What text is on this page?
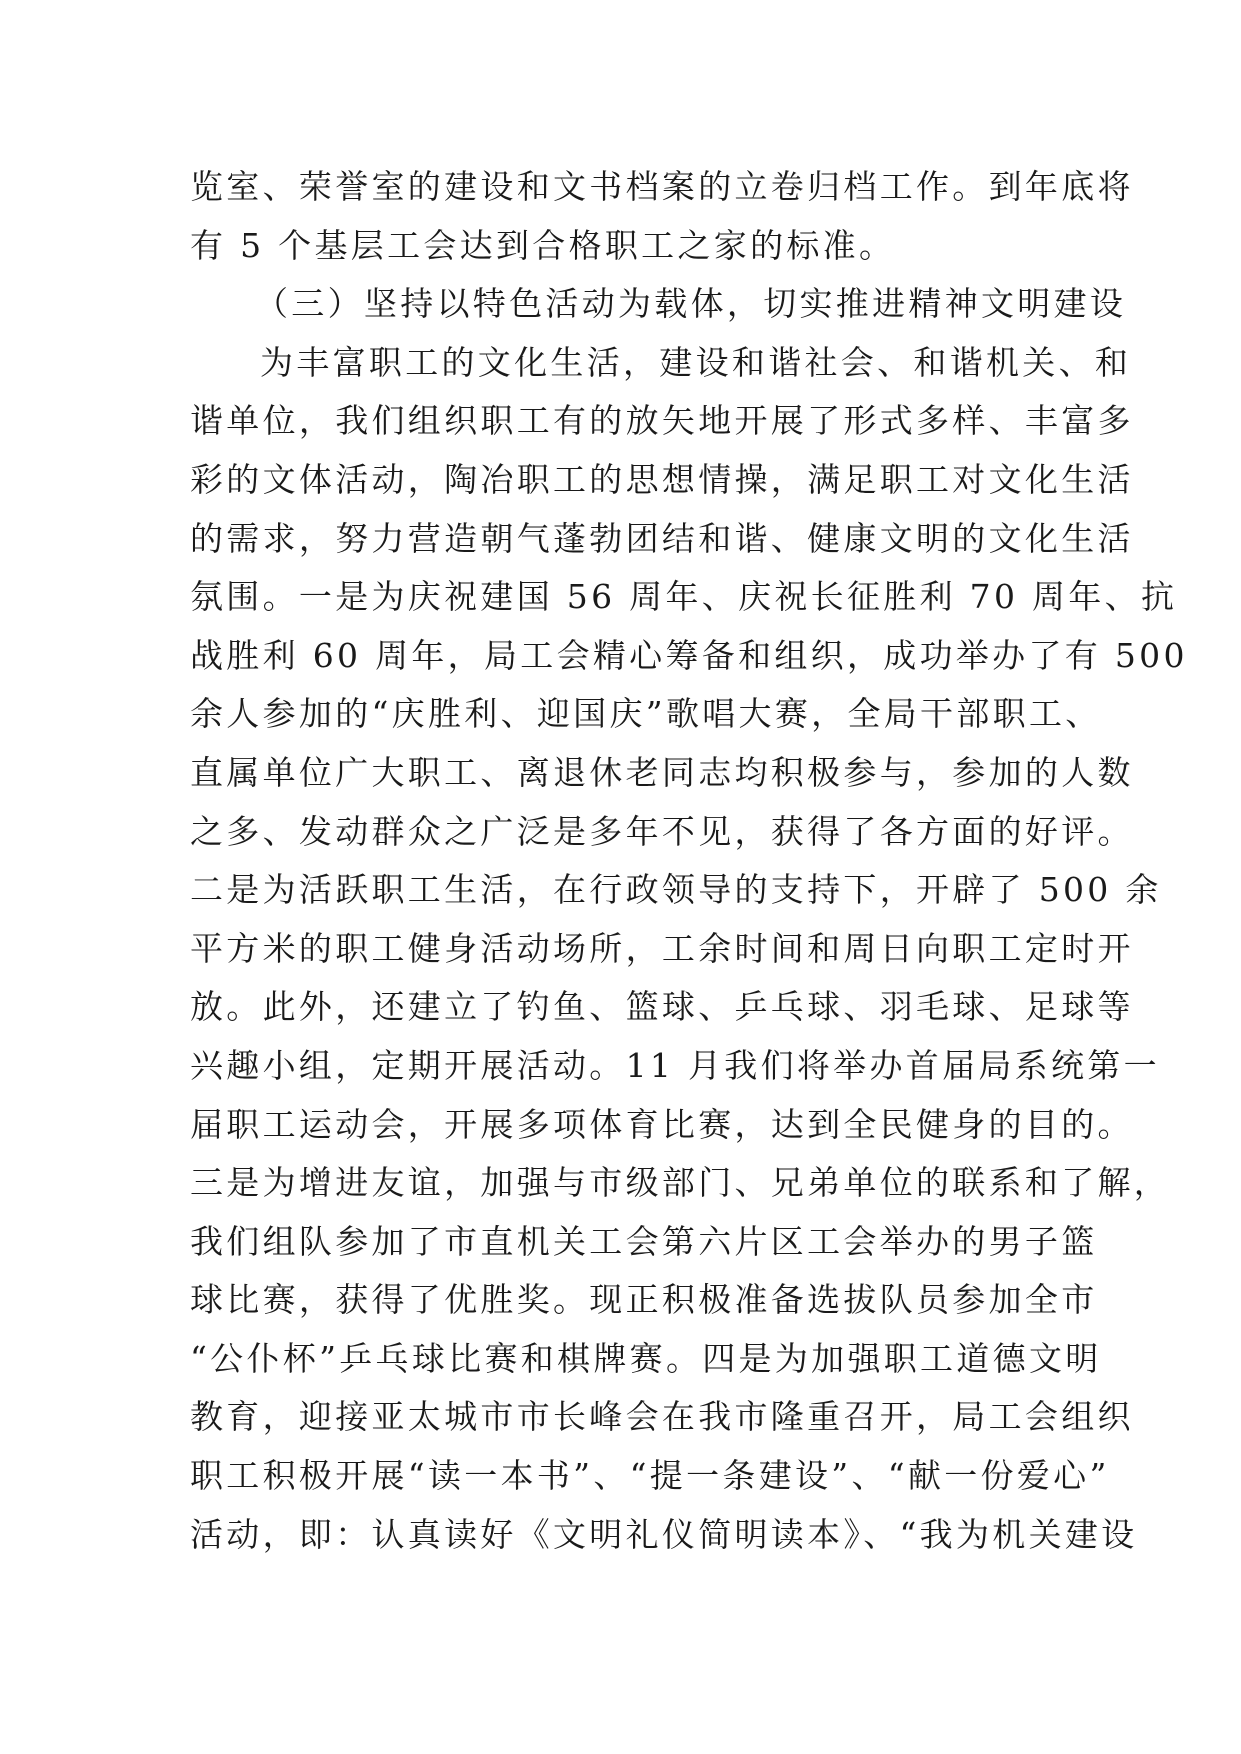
览室、荣誉室的建设和文书档案的立卷归档工作。到年底将
有 5 个基层工会达到合格职工之家的标准。
（三）坚持以特色活动为载体，切实推进精神文明建设
为丰富职工的文化生活，建设和谐社会、和谐机关、和
谐单位，我们组织职工有的放矢地开展了形式多样、丰富多
彩的文体活动，陶冶职工的思想情操，满足职工对文化生活
的需求，努力营造朝气蓬勃团结和谐、健康文明的文化生活
氛围。一是为庆祝建国 56 周年、庆祝长征胜利 70 周年、抗
战胜利 60 周年，局工会精心筹备和组织，成功举办了有 500
余人参加的“庆胜利、迎国庆”歌唱大赛，全局干部职工、
直属单位广大职工、离退休老同志均积极参与，参加的人数
之多、发动群众之广泛是多年不见，获得了各方面的好评。
二是为活跃职工生活，在行政领导的支持下，开辟了 500 余
平方米的职工健身活动场所，工余时间和周日向职工定时开
放。此外，还建立了钓鱼、篮球、乒乓球、羽毛球、足球等
兴趣小组，定期开展活动。11 月我们将举办首届局系统第一
届职工运动会，开展多项体育比赛，达到全民健身的目的。
三是为增进友谊，加强与市级部门、兄弟单位的联系和了解，
我们组队参加了市直机关工会第六片区工会举办的男子篮
球比赛，获得了优胜奖。现正积极准备选拔队员参加全市
“公仆杯”乒乓球比赛和棋牌赛。四是为加强职工道德文明
教育，迎接亚太城市市长峰会在我市隆重召开，局工会组织
职工积极开展“读一本书”、“提一条建设”、“献一份爱心”
活动，即：认真读好《文明礼仪简明读本》、“我为机关建设
